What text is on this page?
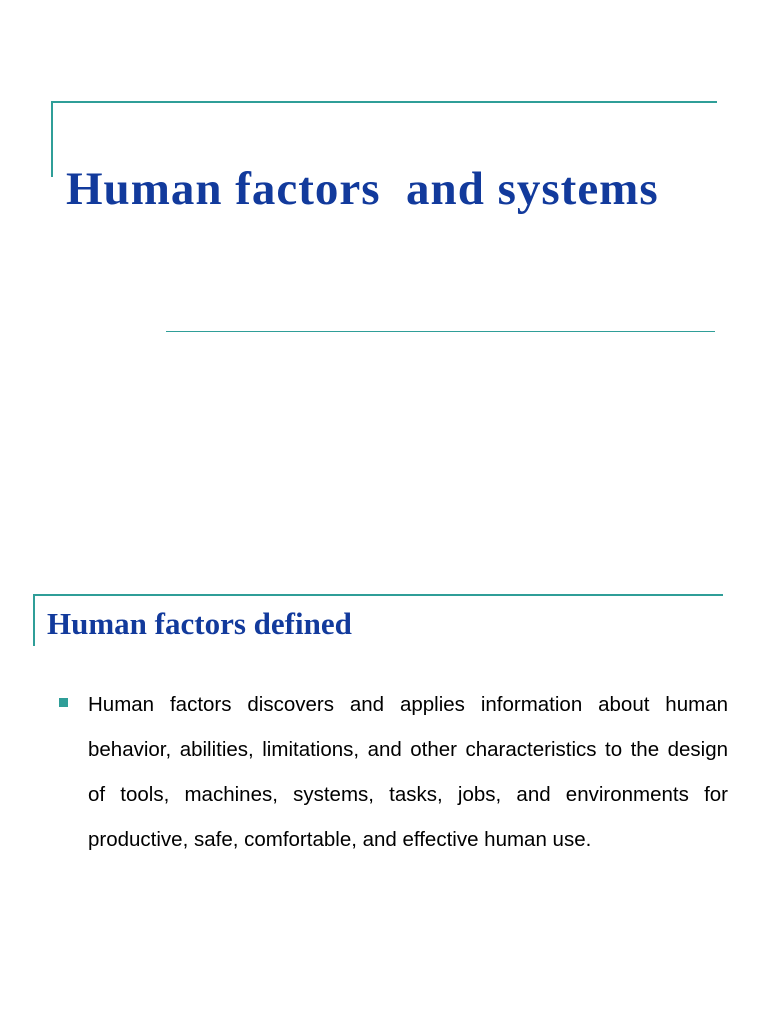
Human factors  and systems
Human factors defined
Human factors discovers and applies information about human behavior, abilities, limitations, and other characteristics to the design of tools, machines, systems, tasks, jobs, and environments for productive, safe, comfortable, and effective human use.
